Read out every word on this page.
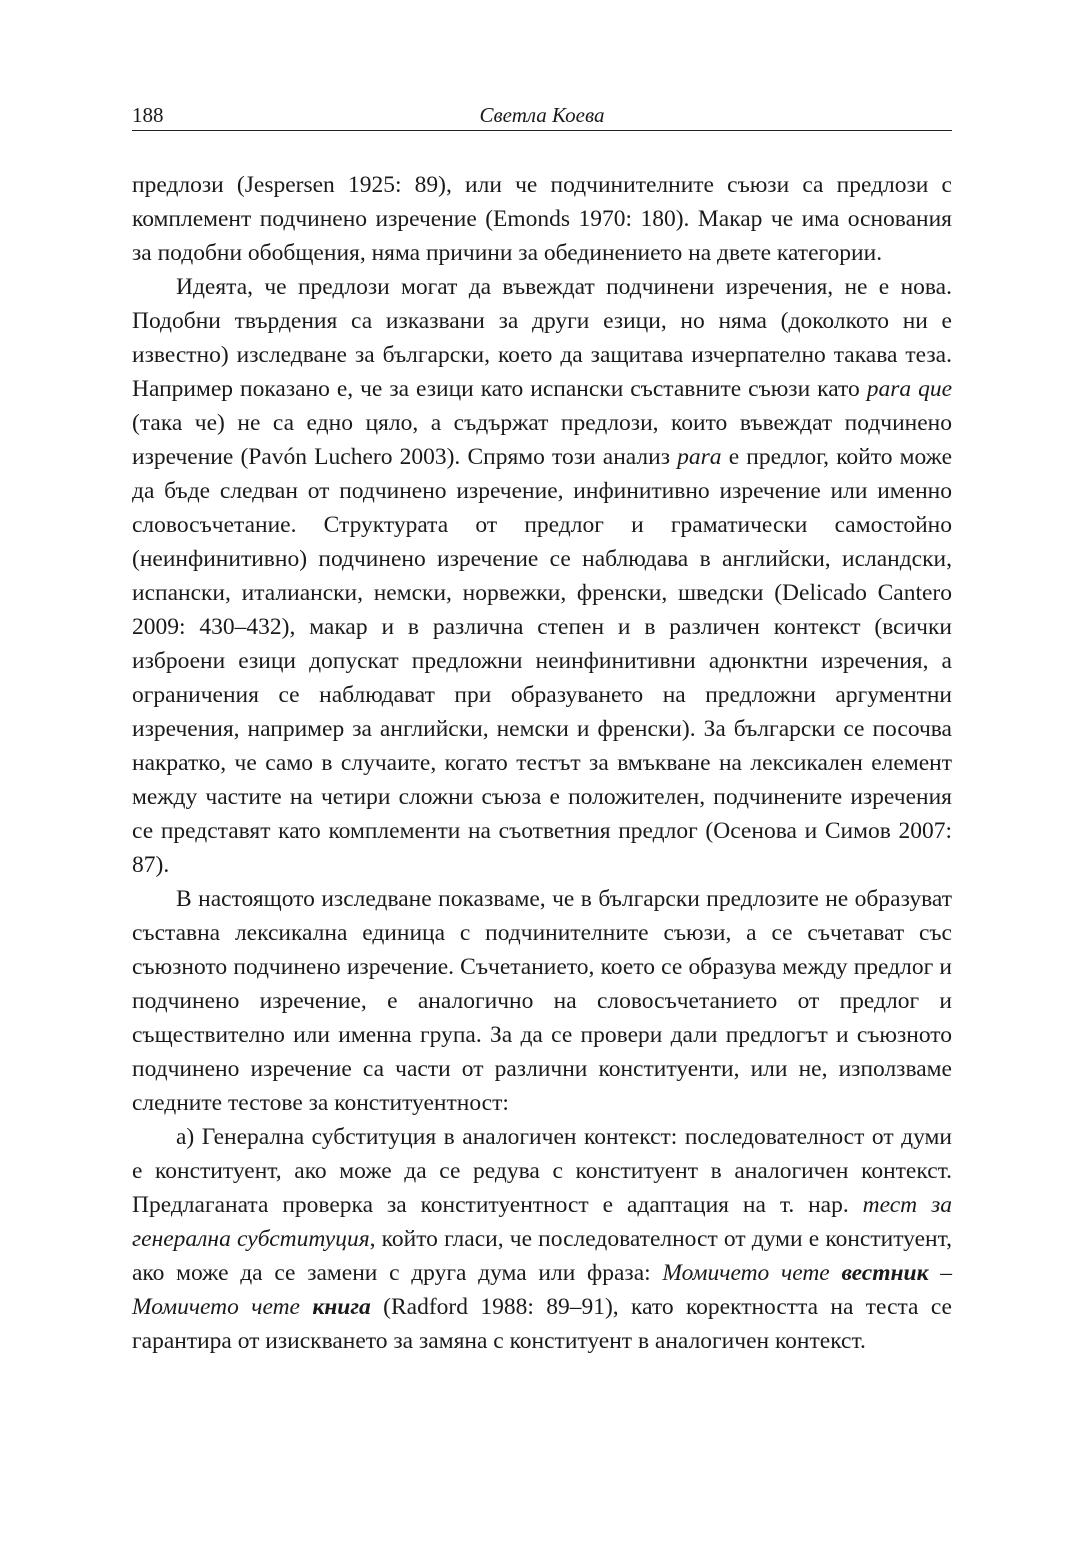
188	Светла Коева

предлози (Jespersen 1925: 89), или че подчинителните съюзи са предлози с комплемент подчинено изречение (Emonds 1970: 180). Макар че има основания за подобни обобщения, няма причини за обединението на двете категории.

Идеята, че предлози могат да въвеждат подчинени изречения, не е нова. Подобни твърдения са изказвани за други езици, но няма (доколкото ни е известно) изследване за български, което да защитава изчерпателно такава теза. Например показано е, че за езици като испански съставните съюзи като para que (така че) не са едно цяло, а съдържат предлози, които въвеждат подчинено изречение (Pavón Luchero 2003). Спрямо този анализ para е предлог, който може да бъде следван от подчинено изречение, инфинитивно изречение или именно словосъчетание. Структурата от предлог и граматически самостойно (неинфинитивно) подчинено изречение се наблюдава в английски, исландски, испански, италиански, немски, норвежки, френски, шведски (Delicado Cantero 2009: 430–432), макар и в различна степен и в различен контекст (всички изброени езици допускат предложни неинфинитивни адюнктни изречения, а ограничения се наблюдават при образуването на предложни аргументни изречения, например за английски, немски и френски). За български се посочва накратко, че само в случаите, когато тестът за вмъкване на лексикален елемент между частите на четири сложни съюза е положителен, подчинените изречения се представят като комплементи на съответния предлог (Осенова и Симов 2007: 87).

В настоящото изследване показваме, че в български предлозите не образуват съставна лексикална единица с подчинителните съюзи, а се съчетават със съюзното подчинено изречение. Съчетанието, което се образува между предлог и подчинено изречение, е аналогично на словосъчетанието от предлог и съществително или именна група. За да се провери дали предлогът и съюзното подчинено изречение са части от различни конституенти, или не, използваме следните тестове за конституентност:

а) Генерална субституция в аналогичен контекст: последователност от думи е конституент, ако може да се редува с конституент в аналогичен контекст. Предлаганата проверка за конституентност е адаптация на т. нар. тест за генерална субституция, който гласи, че последователност от думи е конституент, ако може да се замени с друга дума или фраза: Момичето чете вестник – Момичето чете книга (Radford 1988: 89–91), като коректността на теста се гарантира от изискването за замяна с конституент в аналогичен контекст.
